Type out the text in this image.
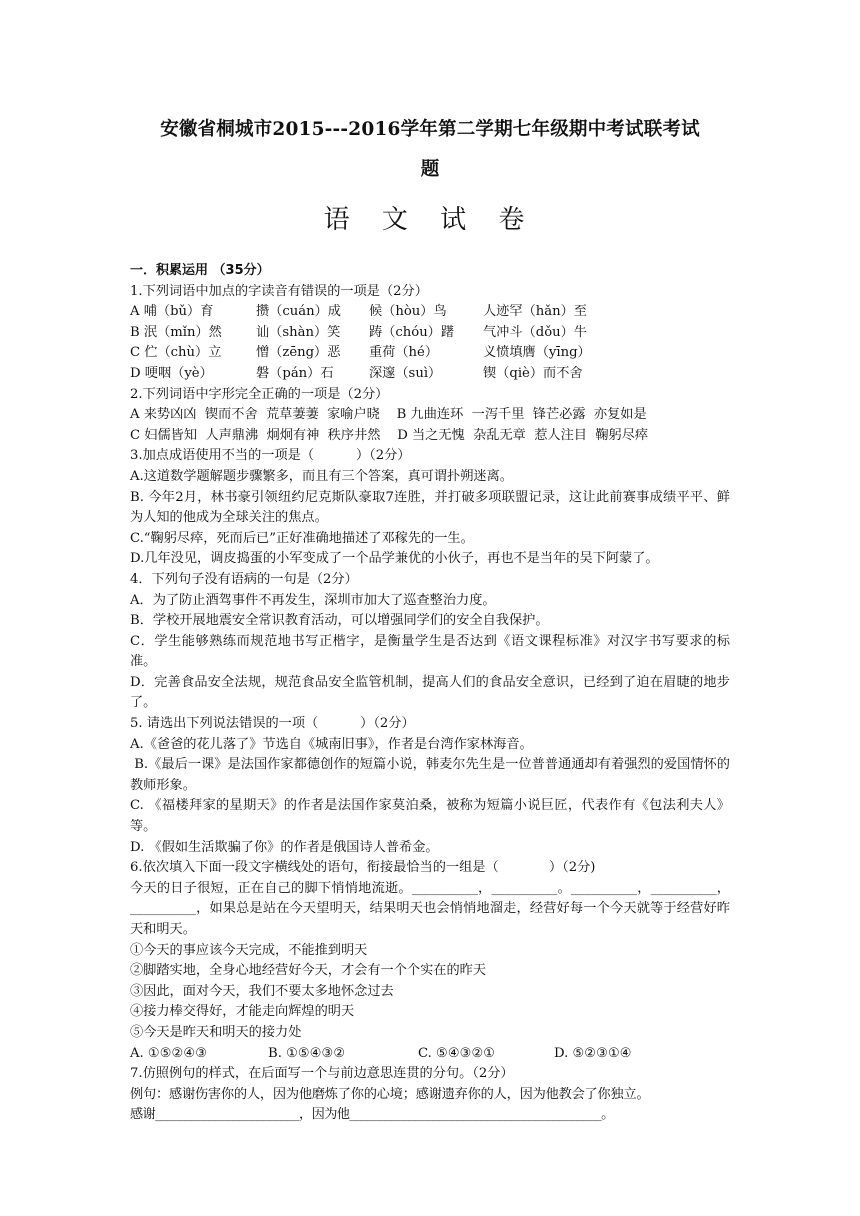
安徽省桐城市2015---2016学年第二学期七年级期中考试联考试
题
语 文 试 卷
一．积累运用 （35分）
1.下列词语中加点的字读音有错误的一项是（2分）
A 哺（bǔ）育	攒（cuán）成 候（hòu）鸟	人迹罕（hǎn）至
B 泯（mǐn）然	讪（shàn）笑 踌（chóu）躇 气冲斗（dǒu）牛
C 伫（chù）立	憎（zēng）恶 重荷（hé）	义愤填膺（yīng）
D 哽咽（yè）	磐（pán）石	深邃（suì）	锲（qiè）而不舍
2.下列词语中字形完全正确的一项是（2分）
A 来势凶凶  锲而不舍  荒草萋萋  家喻户晓    B 九曲连环  一泻千里  锋芒必露  亦复如是
C 妇儒皆知  人声鼎沸  炯炯有神  秩序井然    D 当之无愧  杂乱无章  惹人注目  鞠躬尽瘁
3.加点成语使用不当的一项是（          ）（2分）
A.这道数学题解题步骤繁多，而且有三个答案，真可谓扑朔迷离。
B. 今年2月，林书豪引领纽约尼克斯队豪取7连胜，并打破多项联盟记录，这让此前赛事成绩平平、鲜为人知的他成为全球关注的焦点。
C.“鞠躬尽瘁，死而后已”正好准确地描述了邓稼先的一生。
D.几年没见，调皮捣蛋的小军变成了一个品学兼优的小伙子，再也不是当年的吴下阿蒙了。
4．下列句子没有语病的一句是（2分）
A．为了防止酒驾事件不再发生，深圳市加大了巡查整治力度。
B．学校开展地震安全常识教育活动，可以增强同学们的安全自我保护。
C．学生能够熟练而规范地书写正楷字，是衡量学生是否达到《语文课程标准》对汉字书写要求的标准。
D．完善食品安全法规，规范食品安全监管机制，提高人们的食品安全意识，已经到了迫在眉睫的地步了。
5. 请选出下列说法错误的一项（          ）（2分）
A.《爸爸的花儿落了》节选自《城南旧事》，作者是台湾作家林海音。
B.《最后一课》是法国作家都德创作的短篇小说，韩麦尔先生是一位普普通通却有着强烈的爱国情怀的教师形象。
C. 《福楼拜家的星期天》的作者是法国作家莫泊桑，被称为短篇小说巨匠，代表作有《包法利夫人》等。
D. 《假如生活欺骗了你》的作者是俄国诗人普希金。
6.依次填入下面一段文字横线处的语句，衔接最恰当的一组是（            ）（2分)
今天的日子很短，正在自己的脚下悄悄地流逝。__________，__________。__________，__________，__________，如果总是站在今天望明天，结果明天也会悄悄地溜走，经营好每一个今天就等于经营好昨天和明天。
①今天的事应该今天完成，不能推到明天
②脚踏实地，全身心地经营好今天，才会有一个个实在的昨天
③因此，面对今天，我们不要太多地怀念过去
④接力棒交得好，才能走向辉煌的明天
⑤今天是昨天和明天的接力处
A. ①⑤②④③	B. ①⑤④③②	C. ⑤④③②①	D. ⑤②③①④
7.仿照例句的样式，在后面写一个与前边意思连贯的分句。（2分）
例句：感谢伤害你的人，因为他磨炼了你的心境；感谢遗弃你的人，因为他教会了你独立。
感谢________________________，因为他__________________________________________。
